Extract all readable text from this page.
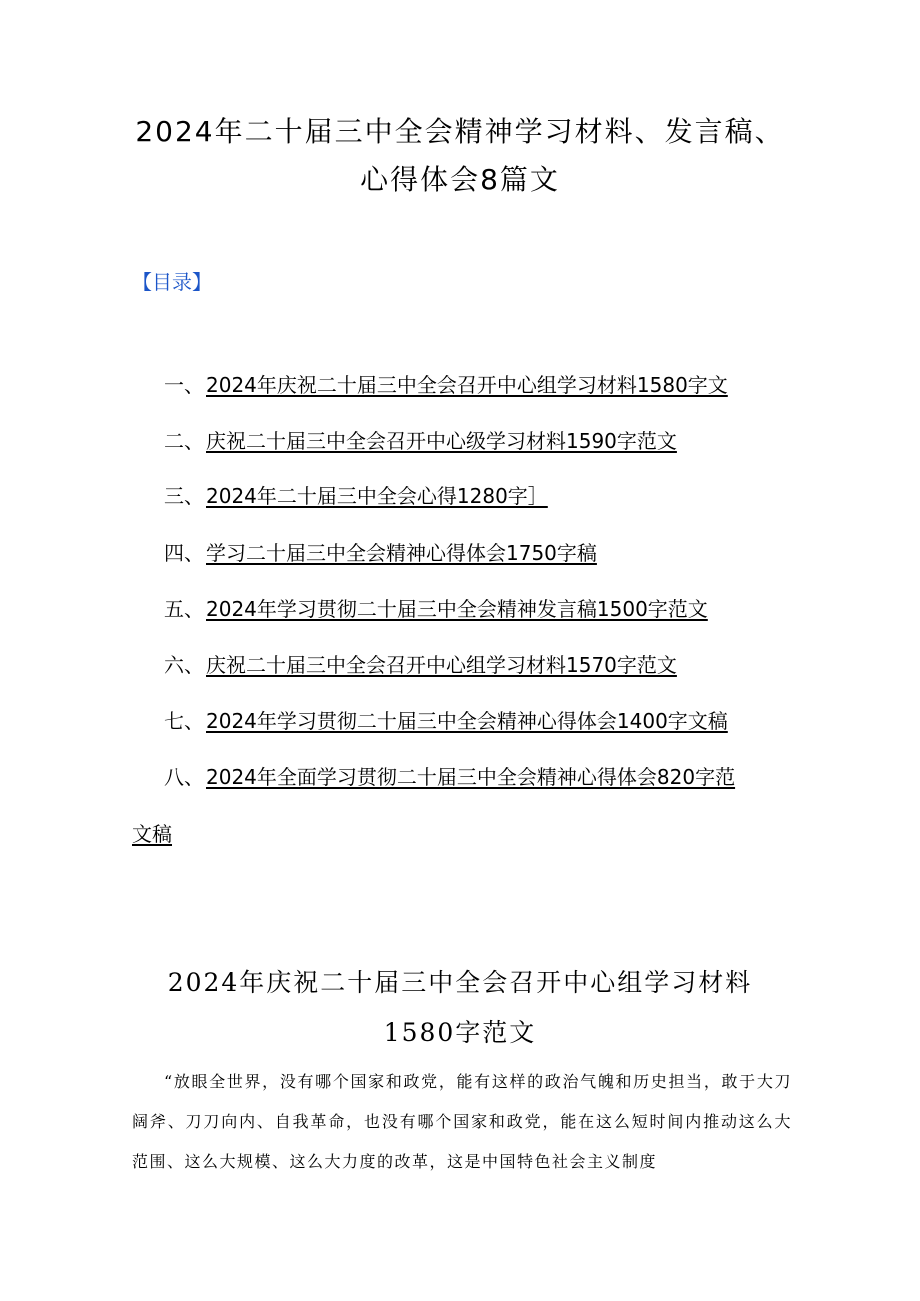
2024年二十届三中全会精神学习材料、发言稿、
心得体会8篇文
【目录】
一、 2024年庆祝二十届三中全会召开中心组学习材料1580字文
二、 庆祝二十届三中全会召开中心级学习材料1590字范文
三、 2024年二十届三中全会心得1280字］
四、 学习二十届三中全会精神心得体会1750字稿
五、 2024年学习贯彻二十届三中全会精神发言稿1500字范文
六、 庆祝二十届三中全会召开中心组学习材料1570字范文
七、 2024年学习贯彻二十届三中全会精神心得体会1400字文稿
八、 2024年全面学习贯彻二十届三中全会精神心得体会820字范
文稿
2024年庆祝二十届三中全会召开中心组学习材料
1580字范文
“放眼全世界，没有哪个国家和政党，能有这样的政治气魄和历史担当，敢于大刀阔斧、刀刀向内、自我革命，也没有哪个国家和政党，能在这么短时间内推动这么大范围、这么大规模、这么大力度的改革，这是中国特色社会主义制度
